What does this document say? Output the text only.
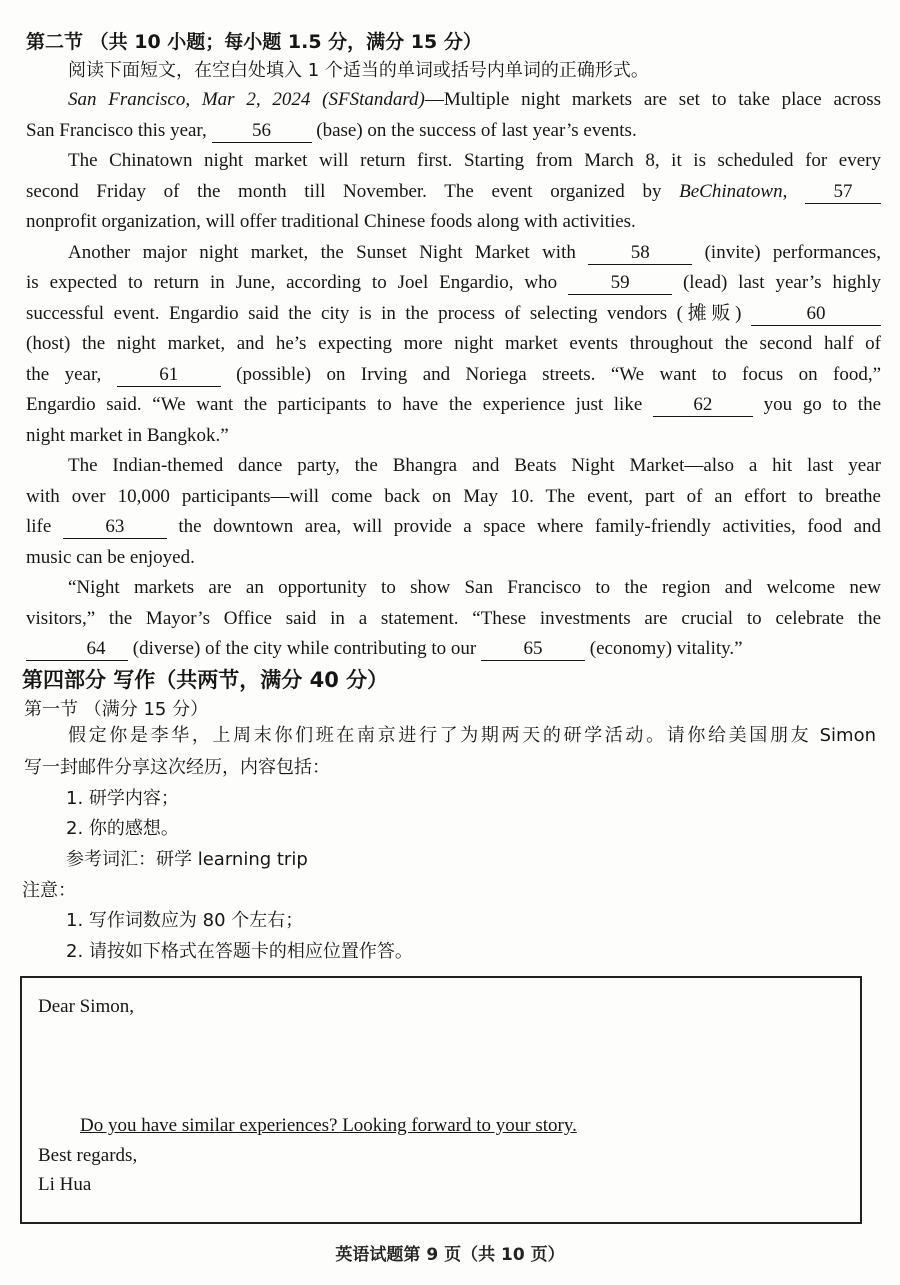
第二节 （共 10 小题；每小题 1.5 分，满分 15 分）
阅读下面短文，在空白处填入 1 个适当的单词或括号内单词的正确形式。
San Francisco, Mar 2, 2024 (SFStandard)—Multiple night markets are set to take place across
San Francisco this year, 56 (base) on the success of last year’s events.
The Chinatown night market will return first. Starting from March 8, it is scheduled for every
second Friday of the month till November. The event organized by BeChinatown, 57
nonprofit organization, will offer traditional Chinese foods along with activities.
Another major night market, the Sunset Night Market with	58	(invite) performances,
is expected to return in June, according to Joel Engardio, who	59	(lead) last year’s highly
successful event. Engardio said the city is in the process of selecting vendors (摊贩)	60
(host) the night market, and he’s expecting more night market events throughout the second half of
the year,	61	(possible) on Irving and Noriega streets. “We want to focus on food,”
Engardio said. “We want the participants to have the experience just like	62	you go to the
night market in Bangkok.”
The Indian-themed dance party, the Bhangra and Beats Night Market—also a hit last year
with over 10,000 participants—will come back on May 10. The event, part of an effort to breathe
life	63	the downtown area, will provide a space where family-friendly activities, food and
music can be enjoyed.
“Night markets are an opportunity to show San Francisco to the region and welcome new
visitors,” the Mayor’s Office said in a statement. “These investments are crucial to celebrate the
64 (diverse) of the city while contributing to our 65 (economy) vitality.”
第四部分 写作（共两节，满分 40 分）
第一节 （满分 15 分）
假定你是李华，上周末你们班在南京进行了为期两天的研学活动。请你给美国朋友 Simon
写一封邮件分享这次经历，内容包括：
1. 研学内容；
2. 你的感想。
参考词汇：研学 learning trip
注意：
1. 写作词数应为 80 个左右；
2. 请按如下格式在答题卡的相应位置作答。
Dear Simon,
Do you have similar experiences? Looking forward to your story.
Best regards,
Li Hua
英语试题第 9 页（共 10 页）
